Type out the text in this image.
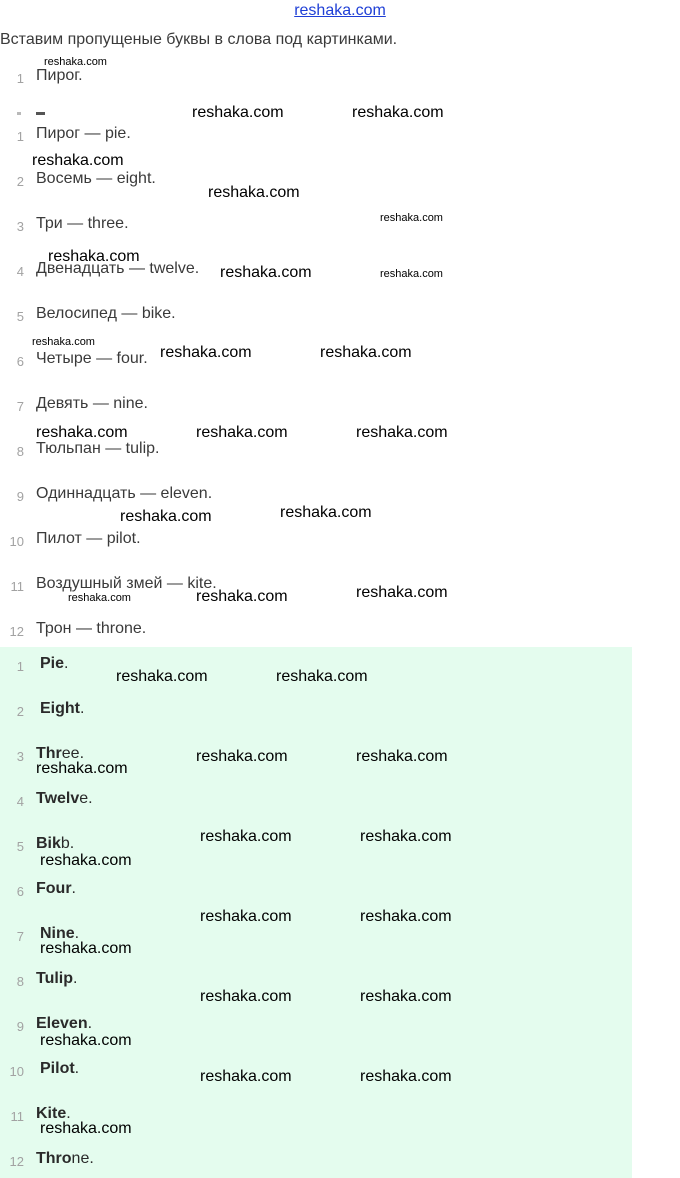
reshaka.com
Вставим пропущеные буквы в слова под картинками.
1 Пирог.
1 Пирог — pie.
2 Восемь — eight.
3 Три — three.
4 Двенадцать — twelve.
5 Велосипед — bike.
6 Четыре — four.
7 Девять — nine.
8 Тюльпан — tulip.
9 Одиннадцать — eleven.
10 Пилот — pilot.
11 Воздушный змей — kite.
12 Трон — throne.
1 Pie.
2 Eight.
3 Three.
4 Twelve.
5 Bikb.
6 Four.
7 Nine.
8 Tulip.
9 Eleven.
10 Pilot.
11 Kite.
12 Throne.
reshaka.com
reshaka.com	reshaka.com
reshaka.com
reshaka.com
reshaka.com
reshaka.com
reshaka.com	reshaka.com
reshaka.com
reshaka.com	reshaka.com
reshaka.com	reshaka.com	reshaka.com
reshaka.com	reshaka.com
reshaka.com	reshaka.com	reshaka.com
reshaka.com	reshaka.com
reshaka.com	reshaka.com
reshaka.com
reshaka.com	reshaka.com
reshaka.com
reshaka.com	reshaka.com
reshaka.com
reshaka.com	reshaka.com
reshaka.com
reshaka.com	reshaka.com
reshaka.com
